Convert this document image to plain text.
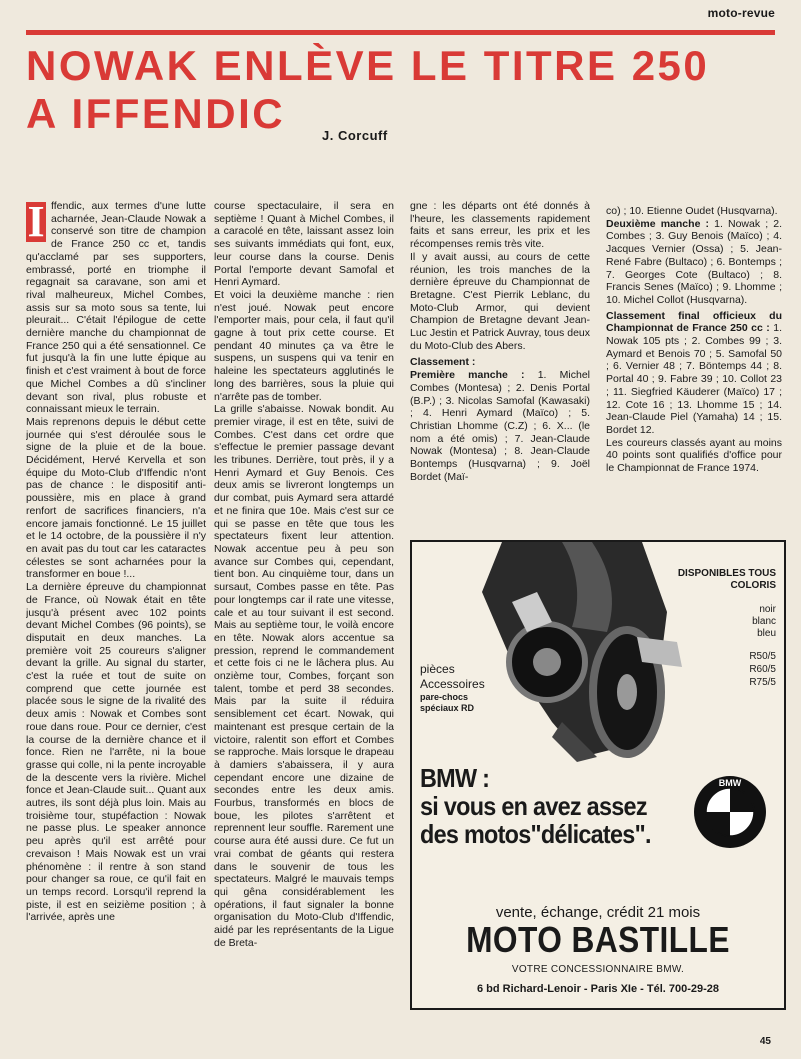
moto-revue
NOWAK ENLÈVE LE TITRE 250
A IFFENDIC	J. Corcuff

I ffendic, aux termes d'une lutte acharnée, Jean-Claude Nowak a conservé son titre de champion de France 250 cc et, tandis qu'acclamé par ses supporters, embrassé, porté en triomphe il regagnait sa caravane, son ami et rival malheureux, Michel Combes, assis sur sa moto sous sa tente, lui pleurait... C'était l'épilogue de cette dernière manche du championnat de France 250 qui a été sensationnel. Ce fut jusqu'à la fin une lutte épique au finish et c'est vraiment à bout de force que Michel Combes a dû s'incliner devant son rival, plus robuste et connaissant mieux le terrain.

Mais reprenons depuis le début cette journée qui s'est déroulée sous le signe de la pluie et de la boue. Décidément, Hervé Kervella et son équipe du Moto-Club d'Iffendic n'ont pas de chance : le dispositif anti-poussière, mis en place à grand renfort de sacrifices financiers, n'a encore jamais fonctionné. Le 15 juillet et le 14 octobre, de la poussière il n'y en avait pas du tout car les cataractes célestes se sont acharnées pour la transformer en boue !...

La dernière épreuve du championnat de France, où Nowak était en tête jusqu'à présent avec 102 points devant Michel Combes (96 points), se disputait en deux manches. La première voit 25 coureurs s'aligner devant la grille. Au signal du starter, c'est la ruée et tout de suite on comprend que cette journée est placée sous le signe de la rivalité des deux amis : Nowak et Combes sont roue dans roue. Pour ce dernier, c'est la course de la dernière chance et il fonce. Rien ne l'arrête, ni la boue grasse qui colle, ni la pente incroyable de la descente vers la rivière. Michel fonce et Jean-Claude suit... Quant aux autres, ils sont déjà plus loin. Mais au troisième tour, stupéfaction : Nowak ne passe plus. Le speaker annonce peu après qu'il est arrêté pour crevaison ! Mais Nowak est un vrai phénomène : il rentre à son stand pour changer sa roue, ce qu'il fait en un temps record. Lorsqu'il reprend la piste, il est en seizième position ; à l'arrivée, après une

course spectaculaire, il sera en septième ! Quant à Michel Combes, il a caracolé en tête, laissant assez loin ses suivants immédiats qui font, eux, leur course dans la course. Denis Portal l'emporte devant Samofal et Henri Aymard.

Et voici la deuxième manche : rien n'est joué. Nowak peut encore l'emporter mais, pour cela, il faut qu'il gagne à tout prix cette course. Et pendant 40 minutes ça va être le suspens, un suspens qui va tenir en haleine les spectateurs agglutinés le long des barrières, sous la pluie qui n'arrête pas de tomber.

La grille s'abaisse. Nowak bondit. Au premier virage, il est en tête, suivi de Combes. C'est dans cet ordre que s'effectue le premier passage devant les tribunes. Derrière, tout près, il y a Henri Aymard et Guy Benois. Ces deux amis se livreront longtemps un dur combat, puis Aymard sera attardé et ne finira que 10e. Mais c'est sur ce qui se passe en tête que tous les spectateurs fixent leur attention. Nowak accentue peu à peu son avance sur Combes qui, cependant, tient bon. Au cinquième tour, dans un sursaut, Combes passe en tête. Pas pour longtemps car il rate une vitesse, cale et au tour suivant il est second. Mais au septième tour, le voilà encore en tête. Nowak alors accentue sa pression, reprend le commandement et cette fois ci ne le lâchera plus. Au onzième tour, Combes, forçant son talent, tombe et perd 38 secondes. Mais par la suite il réduira sensiblement cet écart. Nowak, qui maintenant est presque certain de la victoire, ralentit son effort et Combes se rapproche. Mais lorsque le drapeau à damiers s'abaissera, il y aura cependant encore une dizaine de secondes entre les deux amis. Fourbus, transformés en blocs de boue, les pilotes s'arrêtent et reprennent leur souffle. Rarement une course aura été aussi dure. Ce fut un vrai combat de géants qui restera dans le souvenir de tous les spectateurs. Malgré le mauvais temps qui gêna considérablement les opérations, il faut signaler la bonne organisation du Moto-Club d'Iffendic, aidé par les représentants de la Ligue de Breta-

gne : les départs ont été donnés à l'heure, les classements rapidement faits et sans erreur, les prix et les récompenses remis très vite.

Il y avait aussi, au cours de cette réunion, les trois manches de la dernière épreuve du Championnat de Bretagne. C'est Pierrik Leblanc, du Moto-Club Armor, qui devient Champion de Bretagne devant Jean-Luc Jestin et Patrick Auvray, tous deux du Moto-Club des Abers.

Classement :

Première manche : 1. Michel Combes (Montesa) ; 2. Denis Portal (B.P.) ; 3. Nicolas Samofal (Kawasaki) ; 4. Henri Aymard (Maïco) ; 5. Christian Lhomme (C.Z) ; 6. X... (le nom a été omis) ; 7. Jean-Claude Nowak (Montesa) ; 8. Jean-Claude Bontemps (Husqvarna) ; 9. Joël Bordet (Maï-

co) ; 10. Etienne Oudet (Husqvarna).

Deuxième manche : 1. Nowak ; 2. Combes ; 3. Guy Benois (Maïco) ; 4. Jacques Vernier (Ossa) ; 5. Jean-René Fabre (Bultaco) ; 6. Bontemps ; 7. Georges Cote (Bultaco) ; 8. Francis Senes (Maïco) ; 9. Lhomme ; 10. Michel Collot (Husqvarna).

Classement final officieux du Championnat de France 250 cc : 1. Nowak 105 pts ; 2. Combes 99 ; 3. Aymard et Benois 70 ; 5. Samofal 50 ; 6. Vernier 48 ; 7. Böntemps 44 ; 8. Portal 40 ; 9. Fabre 39 ; 10. Collot 23 ; 11. Siegfried Käuderer (Maïco) 17 ; 12. Cote 16 ; 13. Lhomme 15 ; 14. Jean-Claude Piel (Yamaha) 14 ; 15. Bordet 12.

Les coureurs classés ayant au moins 40 points sont qualifiés d'office pour le Championnat de France 1974.

DISPONIBLES TOUS COLORIS
noir
blanc
bleu
R50/5
R60/5
R75/5
pièces
Accessoires
pare-chocs
spéciaux RD
BMW :
si vous en avez assez
des motos"délicates".
BMW
vente, échange, crédit 21 mois
MOTO BASTILLE
VOTRE CONCESSIONNAIRE BMW.
6 bd Richard-Lenoir - Paris XIe - Tél. 700-29-28
45
